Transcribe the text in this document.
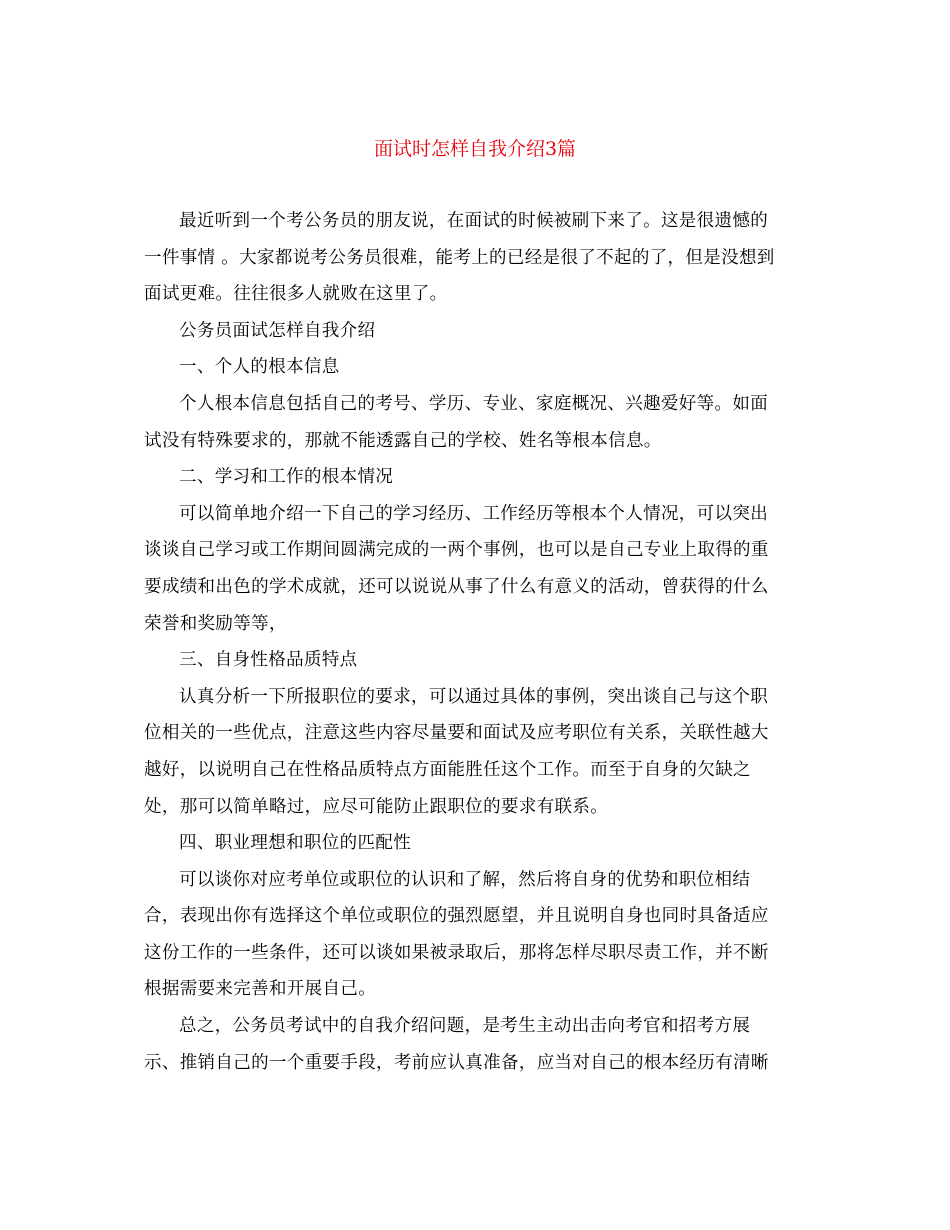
面试时怎样自我介绍3篇
最近听到一个考公务员的朋友说，在面试的时候被刷下来了。这是很遗憾的
一件事情 。大家都说考公务员很难，能考上的已经是很了不起的了，但是没想到
面试更难。往往很多人就败在这里了。
公务员面试怎样自我介绍
一、个人的根本信息
个人根本信息包括自己的考号、学历、专业、家庭概况、兴趣爱好等。如面
试没有特殊要求的，那就不能透露自己的学校、姓名等根本信息。
二、学习和工作的根本情况
可以简单地介绍一下自己的学习经历、工作经历等根本个人情况，可以突出
谈谈自己学习或工作期间圆满完成的一两个事例，也可以是自己专业上取得的重
要成绩和出色的学术成就，还可以说说从事了什么有意义的活动，曾获得的什么
荣誉和奖励等等，
三、自身性格品质特点
认真分析一下所报职位的要求，可以通过具体的事例，突出谈自己与这个职
位相关的一些优点，注意这些内容尽量要和面试及应考职位有关系，关联性越大
越好，以说明自己在性格品质特点方面能胜任这个工作。而至于自身的欠缺之
处，那可以简单略过，应尽可能防止跟职位的要求有联系。
四、职业理想和职位的匹配性
可以谈你对应考单位或职位的认识和了解，然后将自身的优势和职位相结
合，表现出你有选择这个单位或职位的强烈愿望，并且说明自身也同时具备适应
这份工作的一些条件，还可以谈如果被录取后，那将怎样尽职尽责工作，并不断
根据需要来完善和开展自己。
总之，公务员考试中的自我介绍问题，是考生主动出击向考官和招考方展
示、推销自己的一个重要手段，考前应认真准备，应当对自己的根本经历有清晰
